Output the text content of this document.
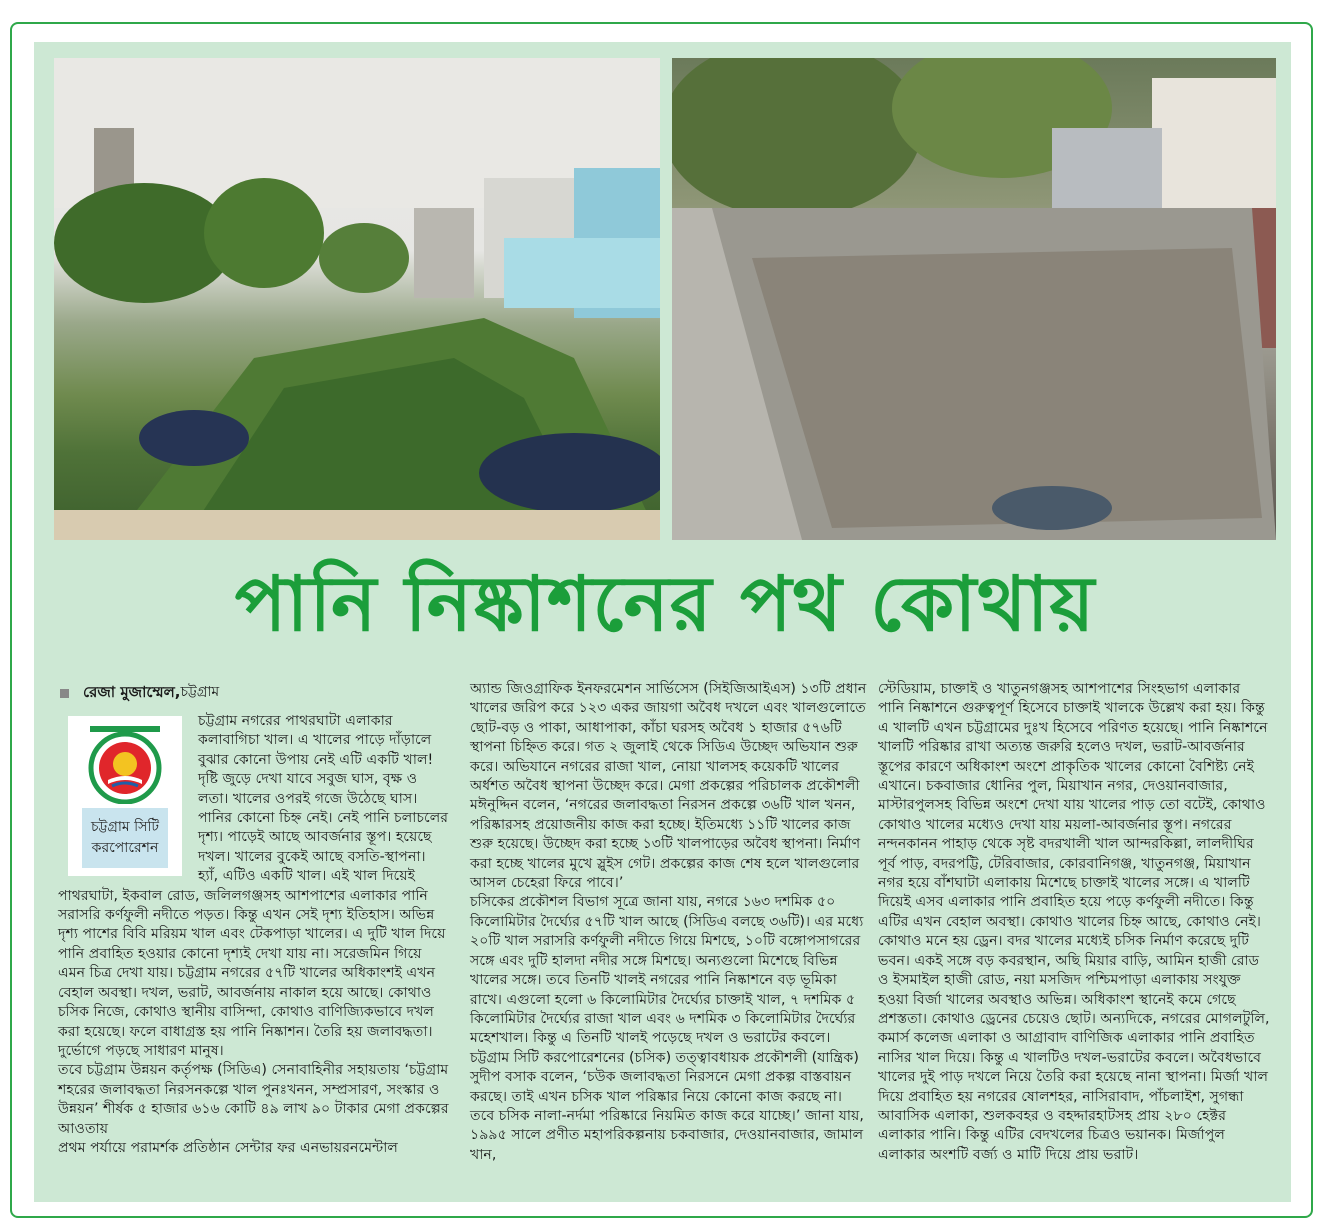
পানি নিষ্কাশনের পথ কোথায়
রেজা মুজাম্মেল, চট্টগ্রাম
চট্টগ্রাম সিটি করপোরেশন

চট্টগ্রাম নগরের পাথরঘাটা এলাকার কলাবাগিচা খাল। এ খালের পাড়ে দাঁড়ালে বুঝার কোনো উপায় নেই এটি একটি খাল! দৃষ্টি জুড়ে দেখা যাবে সবুজ ঘাস, বৃক্ষ ও লতা। খালের ওপরই গজে উঠেছে ঘাস। পানির কোনো চিহ্ন নেই। নেই পানি চলাচলের দৃশ্য। পাড়েই আছে আবর্জনার স্তূপ। হয়েছে দখল। খালের বুকেই আছে বসতি-স্থাপনা। হ্যাঁ, এটিও একটি খাল। এই খাল দিয়েই পাথরঘাটা, ইকবাল রোড, জলিলগঞ্জসহ আশপাশের এলাকার পানি সরাসরি কর্ণফুলী নদীতে পড়ত। কিন্তু এখন সেই দৃশ্য ইতিহাস। অভিন্ন দৃশ্য পাশের বিবি মরিয়ম খাল এবং টেকপাড়া খালের। এ দুটি খাল দিয়ে পানি প্রবাহিত হওয়ার কোনো দৃশ্যই দেখা যায় না। সরেজমিন গিয়ে এমন চিত্র দেখা যায়। চট্টগ্রাম নগরের ৫৭টি খালের অধিকাংশই এখন বেহাল অবস্থা। দখল, ভরাট, আবর্জনায় নাকাল হয়ে আছে। কোথাও চসিক নিজে, কোথাও স্থানীয় বাসিন্দা, কোথাও বাণিজ্যিকভাবে দখল করা হয়েছে। ফলে বাধাগ্রস্ত হয় পানি নিষ্কাশন। তৈরি হয় জলাবদ্ধতা। দুর্ভোগে পড়ছে সাধারণ মানুষ।

তবে চট্টগ্রাম উন্নয়ন কর্তৃপক্ষ (সিডিএ) সেনাবাহিনীর সহায়তায় ‘চট্টগ্রাম শহরের জলাবদ্ধতা নিরসনকল্পে খাল পুনঃখনন, সম্প্রসারণ, সংস্কার ও উন্নয়ন’ শীর্ষক ৫ হাজার ৬১৬ কোটি ৪৯ লাখ ৯০ টাকার মেগা প্রকল্পের আওতায়

প্রথম পর্যায়ে পরামর্শক প্রতিষ্ঠান সেন্টার ফর এনভায়রনমেন্টাল

অ্যান্ড জিওগ্রাফিক ইনফরমেশন সার্ভিসেস (সিইজিআইএস) ১৩টি প্রধান খালের জরিপ করে ১২৩ একর জায়গা অবৈধ দখলে এবং খালগুলোতে ছোট-বড় ও পাকা, আধাপাকা, কাঁচা ঘরসহ অবৈধ ১ হাজার ৫৭৬টি স্থাপনা চিহ্নিত করে। গত ২ জুলাই থেকে সিডিএ উচ্ছেদ অভিযান শুরু করে। অভিযানে নগরের রাজা খাল, নোয়া খালসহ কয়েকটি খালের অর্ধশত অবৈধ স্থাপনা উচ্ছেদ করে। মেগা প্রকল্পের পরিচালক প্রকৌশলী মঈনুদ্দিন বলেন, ‘নগরের জলাবদ্ধতা নিরসন প্রকল্পে ৩৬টি খাল খনন, পরিষ্কারসহ প্রয়োজনীয় কাজ করা হচ্ছে। ইতিমধ্যে ১১টি খালের কাজ শুরু হয়েছে। উচ্ছেদ করা হচ্ছে ১৩টি খালপাড়ের অবৈধ স্থাপনা। নির্মাণ করা হচ্ছে খালের মুখে স্লুইস গেট। প্রকল্পের কাজ শেষ হলে খালগুলোর আসল চেহেরা ফিরে পাবে।’

চসিকের প্রকৌশল বিভাগ সূত্রে জানা যায়, নগরে ১৬৩ দশমিক ৫০ কিলোমিটার দৈর্ঘ্যের ৫৭টি খাল আছে (সিডিএ বলছে ৩৬টি)। এর মধ্যে ২০টি খাল সরাসরি কর্ণফুলী নদীতে গিয়ে মিশছে, ১০টি বঙ্গোপসাগরের সঙ্গে এবং দুটি হালদা নদীর সঙ্গে মিশছে। অন্যগুলো মিশেছে বিভিন্ন খালের সঙ্গে। তবে তিনটি খালই নগরের পানি নিষ্কাশনে বড় ভূমিকা রাখে। এগুলো হলো ৬ কিলোমিটার দৈর্ঘ্যের চাক্তাই খাল, ৭ দশমিক ৫ কিলোমিটার দৈর্ঘ্যের রাজা খাল এবং ৬ দশমিক ৩ কিলোমিটার দৈর্ঘ্যের মহেশখাল। কিন্তু এ তিনটি খালই পড়েছে দখল ও ভরাটের কবলে।

চট্টগ্রাম সিটি করপোরেশনের (চসিক) তত্ত্বাবধায়ক প্রকৌশলী (যান্ত্রিক) সুদীপ বসাক বলেন, ‘চউক জলাবদ্ধতা নিরসনে মেগা প্রকল্প বাস্তবায়ন করছে। তাই এখন চসিক খাল পরিষ্কার নিয়ে কোনো কাজ করছে না। তবে চসিক নালা-নর্দমা পরিষ্কারে নিয়মিত কাজ করে যাচ্ছে।’ জানা যায়, ১৯৯৫ সালে প্রণীত মহাপরিকল্পনায় চকবাজার, দেওয়ানবাজার, জামাল খান,

স্টেডিয়াম, চাক্তাই ও খাতুনগঞ্জসহ আশপাশের সিংহভাগ এলাকার পানি নিষ্কাশনে গুরুত্বপূর্ণ হিসেবে চাক্তাই খালকে উল্লেখ করা হয়। কিন্তু এ খালটি এখন চট্টগ্রামের দুঃখ হিসেবে পরিণত হয়েছে। পানি নিষ্কাশনে খালটি পরিষ্কার রাখা অত্যন্ত জরুরি হলেও দখল, ভরাট-আবর্জনার স্তূপের কারণে অধিকাংশ অংশে প্রাকৃতিক খালের কোনো বৈশিষ্ট্য নেই এখানে। চকবাজার ধোনির পুল, মিয়াখান নগর, দেওয়ানবাজার, মাস্টারপুলসহ বিভিন্ন অংশে দেখা যায় খালের পাড় তো বটেই, কোথাও কোথাও খালের মধ্যেও দেখা যায় ময়লা-আবর্জনার স্তূপ। নগরের নন্দনকানন পাহাড় থেকে সৃষ্ট বদরখালী খাল আন্দরকিল্লা, লালদীঘির পূর্ব পাড়, বদরপট্টি, টেরিবাজার, কোরবানিগঞ্জ, খাতুনগঞ্জ, মিয়াখান নগর হয়ে বাঁশঘাটা এলাকায় মিশেছে চাক্তাই খালের সঙ্গে। এ খালটি দিয়েই এসব এলাকার পানি প্রবাহিত হয়ে পড়ে কর্ণফুলী নদীতে। কিন্তু এটির এখন বেহাল অবস্থা। কোথাও খালের চিহ্ন আছে, কোথাও নেই। কোথাও মনে হয় ড্রেন। বদর খালের মধ্যেই চসিক নির্মাণ করেছে দুটি ভবন। একই সঙ্গে বড় কবরস্থান, অছি মিয়ার বাড়ি, আমিন হাজী রোড ও ইসমাইল হাজী রোড, নয়া মসজিদ পশ্চিমপাড়া এলাকায় সংযুক্ত হওয়া বির্জা খালের অবস্থাও অভিন্ন। অধিকাংশ স্থানেই কমে গেছে প্রশস্ততা। কোথাও ড্রেনের চেয়েও ছোট। অন্যদিকে, নগরের মোগলটুলি, কমার্স কলেজ এলাকা ও আগ্রাবাদ বাণিজিক এলাকার পানি প্রবাহিত নাসির খাল দিয়ে। কিন্তু এ খালটিও দখল-ভরাটের কবলে। অবৈধভাবে খালের দুই পাড় দখলে নিয়ে তৈরি করা হয়েছে নানা স্থাপনা। মির্জা খাল দিয়ে প্রবাহিত হয় নগরের ষোলশহর, নাসিরাবাদ, পাঁচলাইশ, সুগন্ধা আবাসিক এলাকা, শুলকবহর ও বহদ্দারহাটসহ প্রায় ২৮০ হেক্টর এলাকার পানি। কিন্তু এটির বেদখলের চিত্রও ভয়ানক। মির্জাপুল এলাকার অংশটি বর্জ্য ও মাটি দিয়ে প্রায় ভরাট।
